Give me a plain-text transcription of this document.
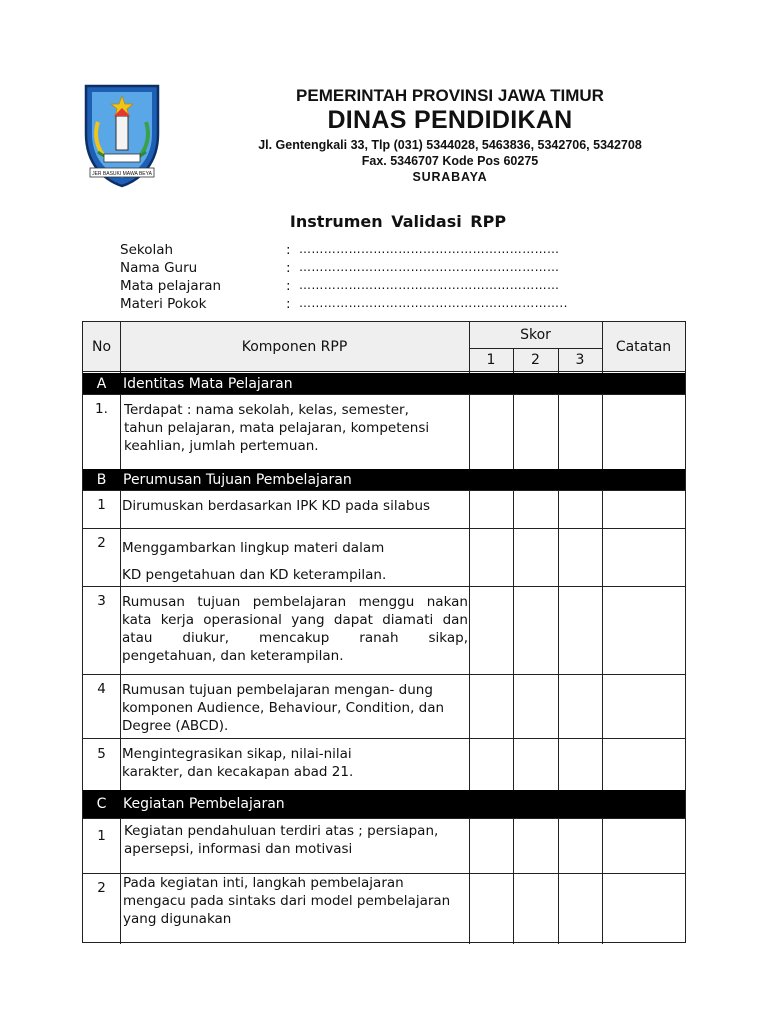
JER BASUKI MAWA BEYA
PEMERINTAH PROVINSI JAWA TIMUR
DINAS PENDIDIKAN
Jl. Gentengkali 33, Tlp (031) 5344028, 5463836, 5342706, 5342708
Fax. 5346707 Kode Pos 60275
SURABAYA
Instrumen Validasi RPP
Sekolah	: ………………………………………………………
Nama Guru	: ………………………………………………………
Mata pelajaran	: ………………………………………………………
Materi Pokok	: ………………………………………………………..
No	Komponen RPP
Skor
1	2	3
Catatan
A	Identitas Mata Pelajaran
1.	Terdapat : nama sekolah, kelas, semester,
tahun pelajaran, mata pelajaran, kompetensi
keahlian, jumlah pertemuan.
B	Perumusan Tujuan Pembelajaran
1	Dirumuskan berdasarkan IPK KD pada silabus
2	Menggambarkan lingkup materi dalam
KD pengetahuan dan KD keterampilan.
3	Rumusan tujuan pembelajaran menggu nakan
kata kerja operasional yang dapat diamati dan
atau diukur, mencakup ranah sikap,
pengetahuan, dan keterampilan.
4	Rumusan tujuan pembelajaran mengan- dung
komponen Audience, Behaviour, Condition, dan
Degree (ABCD).
5	Mengintegrasikan sikap, nilai-nilai
karakter, dan kecakapan abad 21.
C	Kegiatan Pembelajaran
1	Kegiatan pendahuluan terdiri atas ; persiapan,
apersepsi, informasi dan motivasi
2	Pada kegiatan inti, langkah pembelajaran
mengacu pada sintaks dari model pembelajaran
yang digunakan
